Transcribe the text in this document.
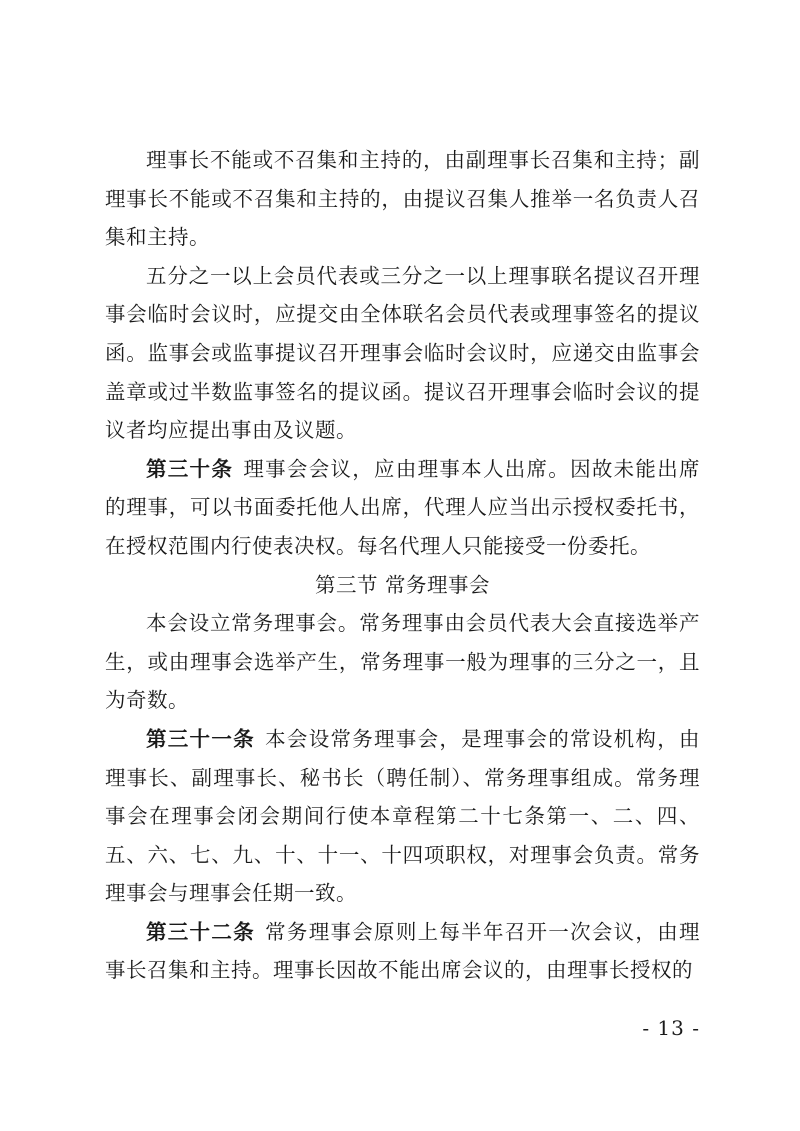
理事长不能或不召集和主持的，由副理事长召集和主持；副理事长不能或不召集和主持的，由提议召集人推举一名负责人召集和主持。

五分之一以上会员代表或三分之一以上理事联名提议召开理事会临时会议时，应提交由全体联名会员代表或理事签名的提议函。监事会或监事提议召开理事会临时会议时，应递交由监事会盖章或过半数监事签名的提议函。提议召开理事会临时会议的提议者均应提出事由及议题。

第三十条 理事会会议，应由理事本人出席。因故未能出席的理事，可以书面委托他人出席，代理人应当出示授权委托书，在授权范围内行使表决权。每名代理人只能接受一份委托。

第三节 常务理事会

本会设立常务理事会。常务理事由会员代表大会直接选举产生，或由理事会选举产生，常务理事一般为理事的三分之一，且为奇数。

第三十一条 本会设常务理事会，是理事会的常设机构，由理事长、副理事长、秘书长（聘任制）、常务理事组成。常务理事会在理事会闭会期间行使本章程第二十七条第一、二、四、五、六、七、九、十、十一、十四项职权，对理事会负责。常务理事会与理事会任期一致。

第三十二条 常务理事会原则上每半年召开一次会议，由理事长召集和主持。理事长因故不能出席会议的，由理事长授权的

- 13 -
